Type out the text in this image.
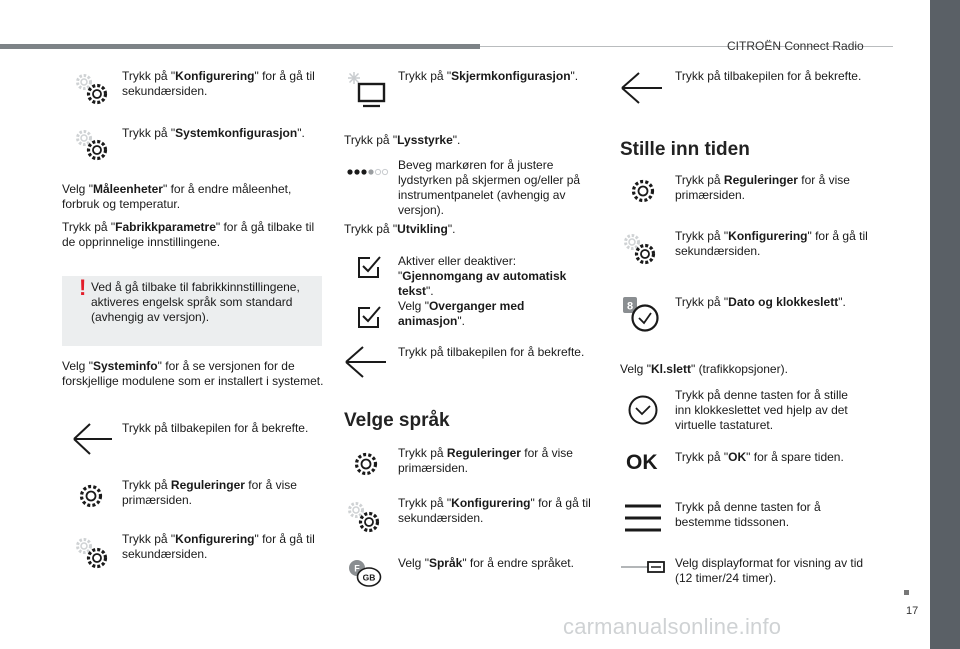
CITROËN Connect Radio
17
carmanualsonline.info
Trykk på "Konfigurering" for å gå til sekundærsiden.
Trykk på "Systemkonfigurasjon".
Velg "Måleenheter" for å endre måleenhet, forbruk og temperatur.
Trykk på "Fabrikkparametre" for å gå tilbake til de opprinnelige innstillingene.
! Ved å gå tilbake til fabrikkinnstillingene, aktiveres engelsk språk som standard (avhengig av versjon).
Velg "Systeminfo" for å se versjonen for de forskjellige modulene som er installert i systemet.
Trykk på tilbakepilen for å bekrefte.
Trykk på Reguleringer for å vise primærsiden.
Trykk på "Konfigurering" for å gå til sekundærsiden.
Trykk på "Skjermkonfigurasjon".
Trykk på "Lysstyrke".
Beveg markøren for å justere lydstyrken på skjermen og/eller på instrumentpanelet (avhengig av versjon).
Trykk på "Utvikling".
Aktiver eller deaktiver: "Gjennomgang av automatisk tekst".
Velg "Overganger med animasjon".
Trykk på tilbakepilen for å bekrefte.
Velge språk
Trykk på Reguleringer for å vise primærsiden.
Trykk på "Konfigurering" for å gå til sekundærsiden.
F
GB
Velg "Språk" for å endre språket.
Trykk på tilbakepilen for å bekrefte.
Stille inn tiden
Trykk på Reguleringer for å vise primærsiden.
Trykk på "Konfigurering" for å gå til sekundærsiden.
8	Trykk på "Dato og klokkeslett".
Velg "Kl.slett" (trafikkopsjoner).
Trykk på denne tasten for å stille inn klokkeslettet ved hjelp av det virtuelle tastaturet.
OK Trykk på "OK" for å spare tiden.
Trykk på denne tasten for å bestemme tidssonen.
Velg displayformat for visning av tid (12 timer/24 timer).
